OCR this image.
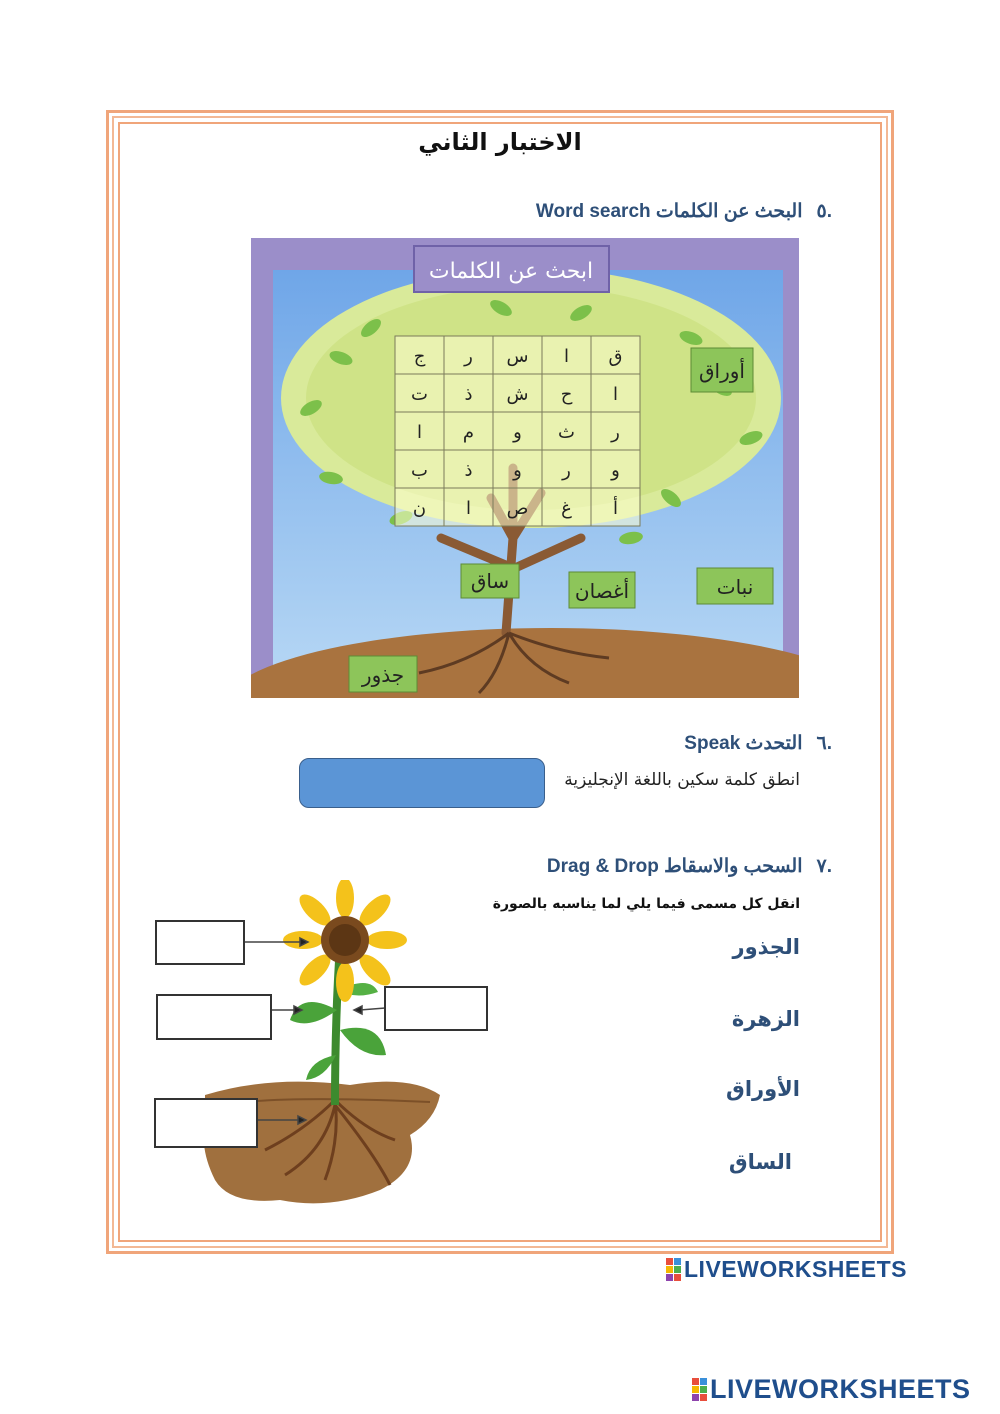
الاختبار الثاني
.٥البحث عن الكلمات Word search
ابحث عن الكلمات
ق
ا
س
ر
ج
ا
ح
ش
ذ
ت
ر
ث
و
م
ا
و
ر
و
ذ
ب
أ
غ
ص
ا
ن
أوراق
نبات
أغصان
ساق
جذور
.٦التحدث Speak
انطق كلمة سكين باللغة الإنجليزية
.٧السحب والاسقاط Drag & Drop
انقل كل مسمى فيما يلي لما يناسبه بالصورة
الجذور
الزهرة
الأوراق
الساق
LIVEWORKSHEETS
LIVEWORKSHEETS
